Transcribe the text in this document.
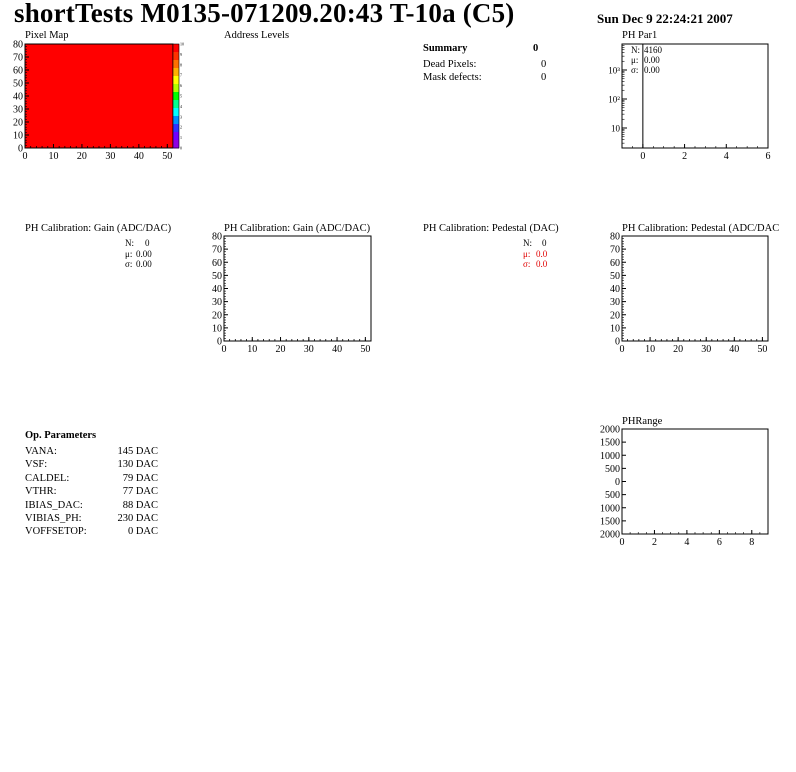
shortTests M0135-071209.20:43 T-10a (C5)	Sun Dec 9 22:24:21 2007
Pixel Map	Address Levels	PH Par1
PH Calibration: Gain (ADC/DAC)	PH Calibration: Gain (ADC/DAC)	PH Calibration: Pedestal (DAC)	PH Calibration: Pedestal (ADC/DAC
PHRange
Summary	0
Dead Pixels:	0
Mask defects:	0
N: 4160
μ: 0.00
σ: 0.00
N: 0
μ: 0.00
σ: 0.00
N: 0
μ: 0.0
σ: 0.0
Op. Parameters
VANA:	145 DAC
VSF:	130 DAC
CALDEL:	79 DAC
VTHR:	77 DAC
IBIAS_DAC:	88 DAC
VIBIAS_PH:	230 DAC
VOFFSETOP:	0 DAC
0 10 20 30 40 50
0
10
20
30
40
50
60
70
80	10
9
8
7
6
5
4
3
2
1
0
0 10 20 30 40 50
0
10
20
30
40
50
60
70
80
0 10 20 30 40 50
0
10
20
30
40
50
60
70
80
0	2	4	6
10
10²
10³
0	2	4	6	8
2000
1500
1000
500
0
500
1000
1500
2000
